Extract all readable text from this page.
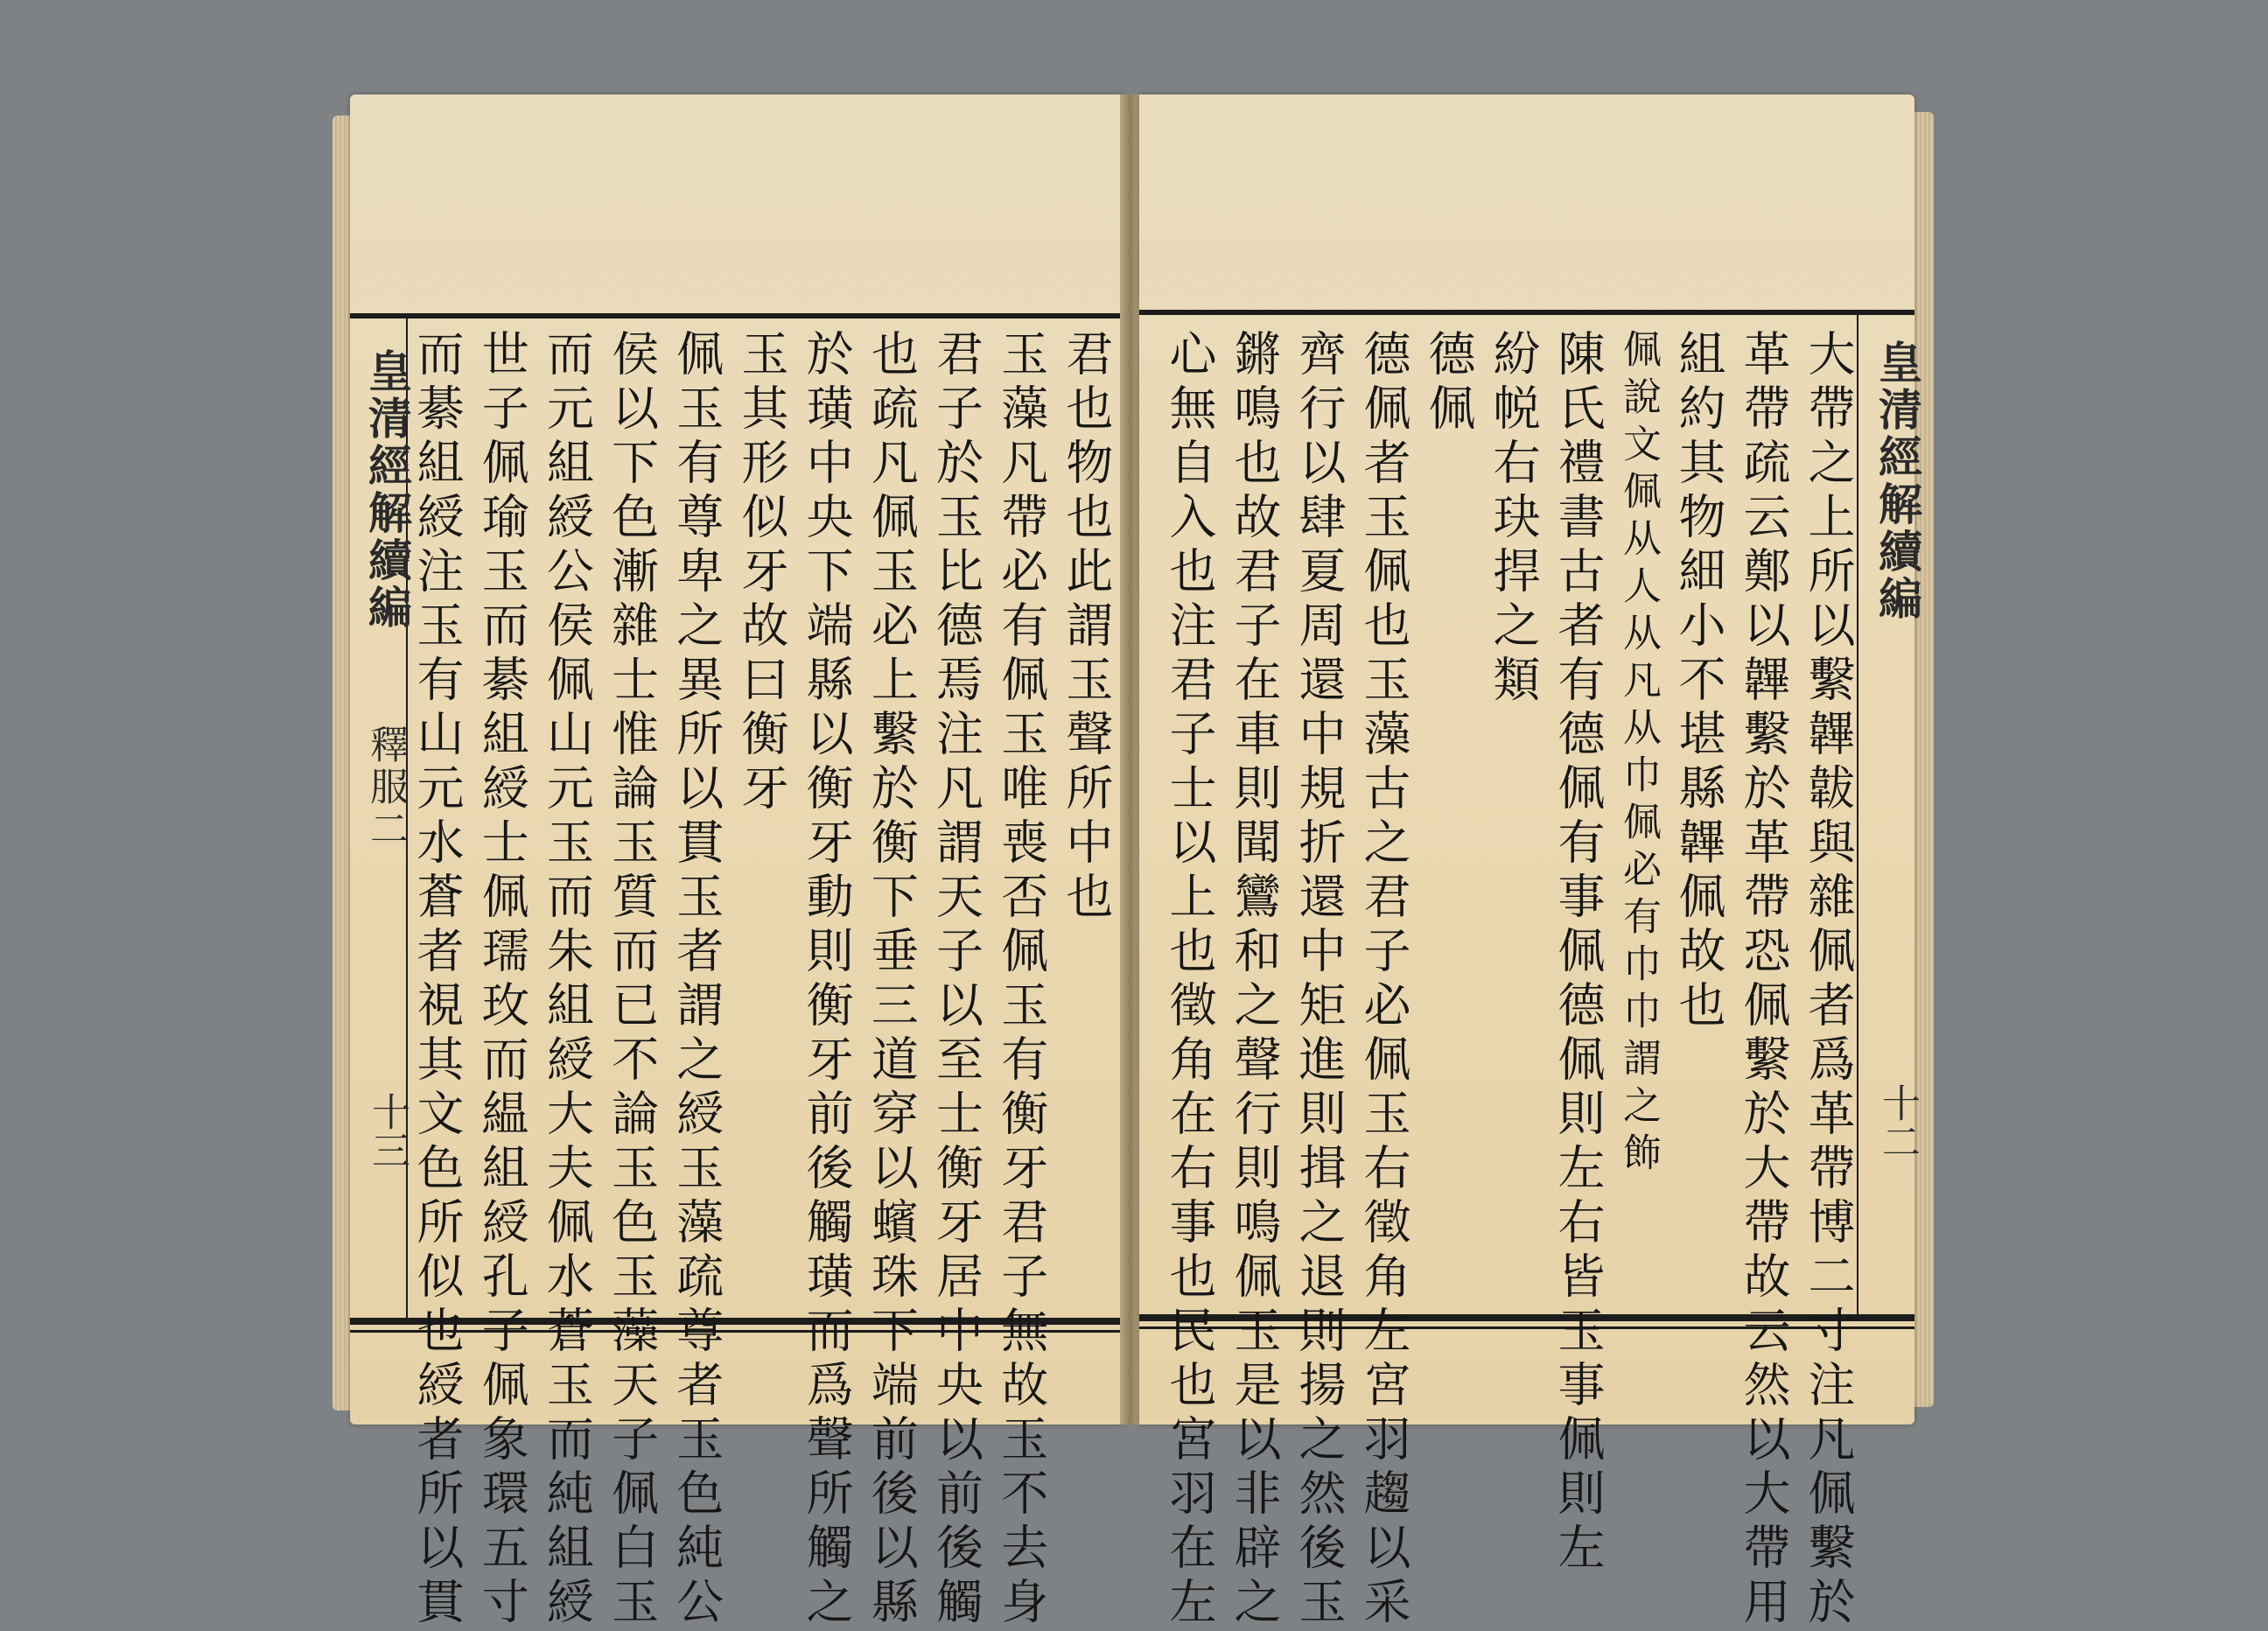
皇清經解續編
釋服二
十三
君也物也此謂玉聲所中也
玉藻凡帶必有佩玉唯喪否佩玉有衡牙君子無故玉不去身
君子於玉比德焉注凡謂天子以至士衡牙居中央以前後觸
也疏凡佩玉必上繫於衡下垂三道穿以蠙珠下端前後以縣
於璜中央下端縣以衡牙動則衡牙前後觸璜而爲聲所觸之
玉其形似牙故曰衡牙
佩玉有尊卑之異所以貫玉者謂之綬玉藻疏尊者玉色純公
侯以下色漸雜士惟論玉質而已不論玉色玉藻天子佩白玉
而元組綬公侯佩山元玉而朱組綬大夫佩水蒼玉而純組綬
世子佩瑜玉而綦組綬士佩瓀玫而緼組綬孔子佩象環五寸
而綦組綬注玉有山元水蒼者視其文色所似也綬者所以貫	皇清經解續編
十二
大帶之上所以繫韠韍與雜佩者爲革帶博二寸注凡佩繫於
革帶疏云鄭以韠繫於革帶恐佩繫於大帶故云然以大帶用
組約其物細小不堪縣韠佩故也
佩說文佩从人从凡从巾佩必有巾巾謂之飾
陳氏禮書古者有德佩有事佩德佩則左右皆玉事佩則左
紛帨右玦捍之類
德佩
德佩者玉佩也玉藻古之君子必佩玉右徵角左宮羽趨以采
齊行以肆夏周還中規折還中矩進則揖之退則揚之然後玉
鏘鳴也故君子在車則聞鸞和之聲行則鳴佩玉是以非辟之
心無自入也注君子士以上也徵角在右事也民也宮羽在左
